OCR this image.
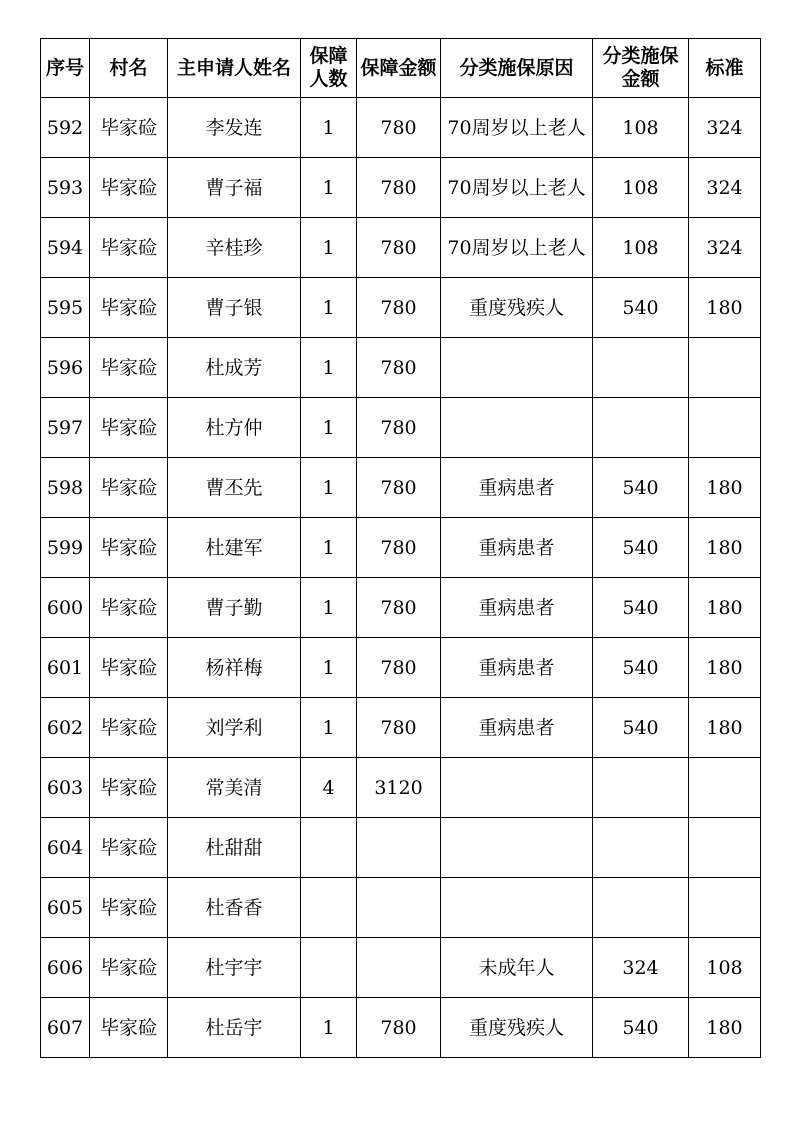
序号	村名	主申请人姓名	保障人数	保障金额	分类施保原因	分类施保金额	标准
592	毕家硷	李发连	1	780	70周岁以上老人	108	324
593	毕家硷	曹子福	1	780	70周岁以上老人	108	324
594	毕家硷	辛桂珍	1	780	70周岁以上老人	108	324
595	毕家硷	曹子银	1	780	重度残疾人	540	180
596	毕家硷	杜成芳	1	780			
597	毕家硷	杜方仲	1	780			
598	毕家硷	曹丕先	1	780	重病患者	540	180
599	毕家硷	杜建军	1	780	重病患者	540	180
600	毕家硷	曹子勤	1	780	重病患者	540	180
601	毕家硷	杨祥梅	1	780	重病患者	540	180
602	毕家硷	刘学利	1	780	重病患者	540	180
603	毕家硷	常美清	4	3120			
604	毕家硷	杜甜甜					
605	毕家硷	杜香香					
606	毕家硷	杜宇宇			未成年人	324	108
607	毕家硷	杜岳宇	1	780	重度残疾人	540	180
